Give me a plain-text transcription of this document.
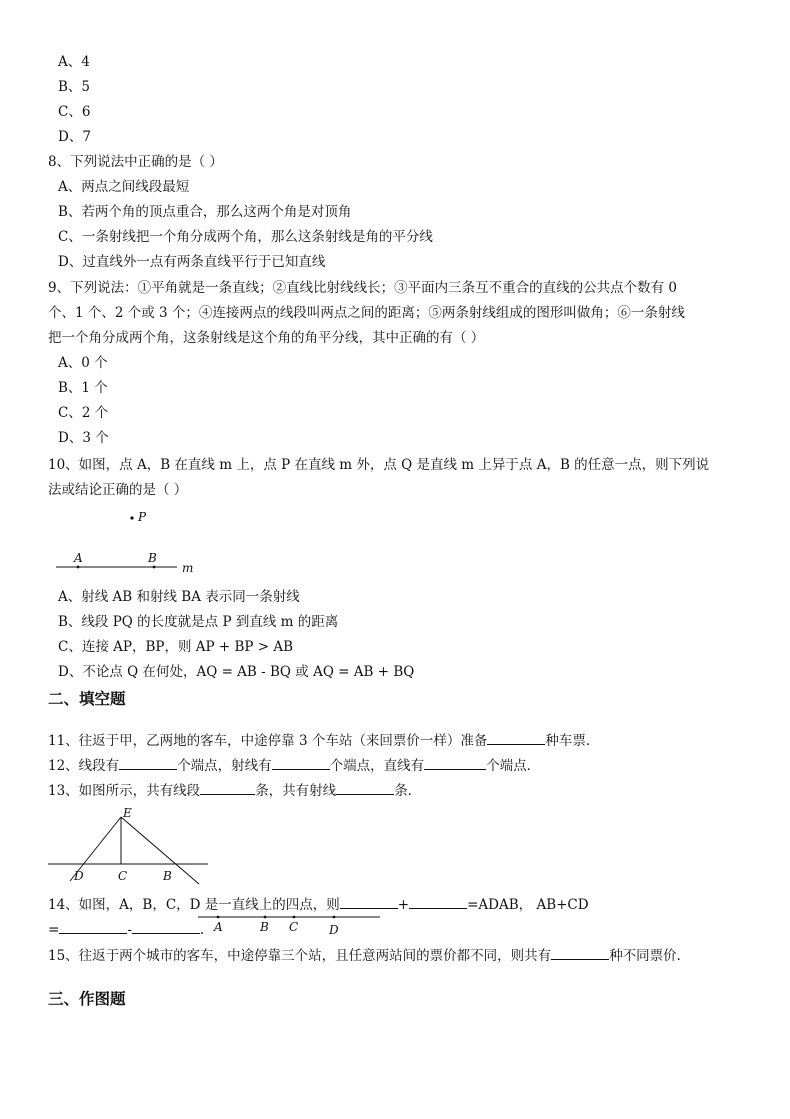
A、4
B、5
C、6
D、7
8、下列说法中正确的是（ ）
A、两点之间线段最短
B、若两个角的顶点重合，那么这两个角是对顶角
C、一条射线把一个角分成两个角，那么这条射线是角的平分线
D、过直线外一点有两条直线平行于已知直线
9、下列说法：①平角就是一条直线；②直线比射线线长；③平面内三条互不重合的直线的公共点个数有 0
个、1 个、2 个或 3 个；④连接两点的线段叫两点之间的距离；⑤两条射线组成的图形叫做角；⑥一条射线
把一个角分成两个角，这条射线是这个角的角平分线，其中正确的有（ ）
A、0 个
B、1 个
C、2 个
D、3 个
10、如图，点 A，B 在直线 m 上，点 P 在直线 m 外，点 Q 是直线 m 上异于点 A，B 的任意一点，则下列说
法或结论正确的是（ ）
P
A	B
m
A、射线 AB 和射线 BA 表示同一条射线
B、线段 PQ 的长度就是点 P 到直线 m 的距离
C、连接 AP，BP，则 AP + BP > AB
D、不论点 Q 在何处，AQ = AB - BQ 或 AQ = AB + BQ
二、填空题
11、往返于甲，乙两地的客车，中途停靠 3 个车站（来回票价一样）准备	种车票．
12、线段有	个端点，射线有	个端点，直线有	个端点．
13、如图所示，共有线段	条，共有射线	条．
E
D	C	B
14、如图，A，B，C，D 是一直线上的四点，则	+	=ADAB， AB+CD
A	B C	D
=	-	.
15、往返于两个城市的客车，中途停靠三个站，且任意两站间的票价都不同，则共有	种不同票价．
三、作图题
